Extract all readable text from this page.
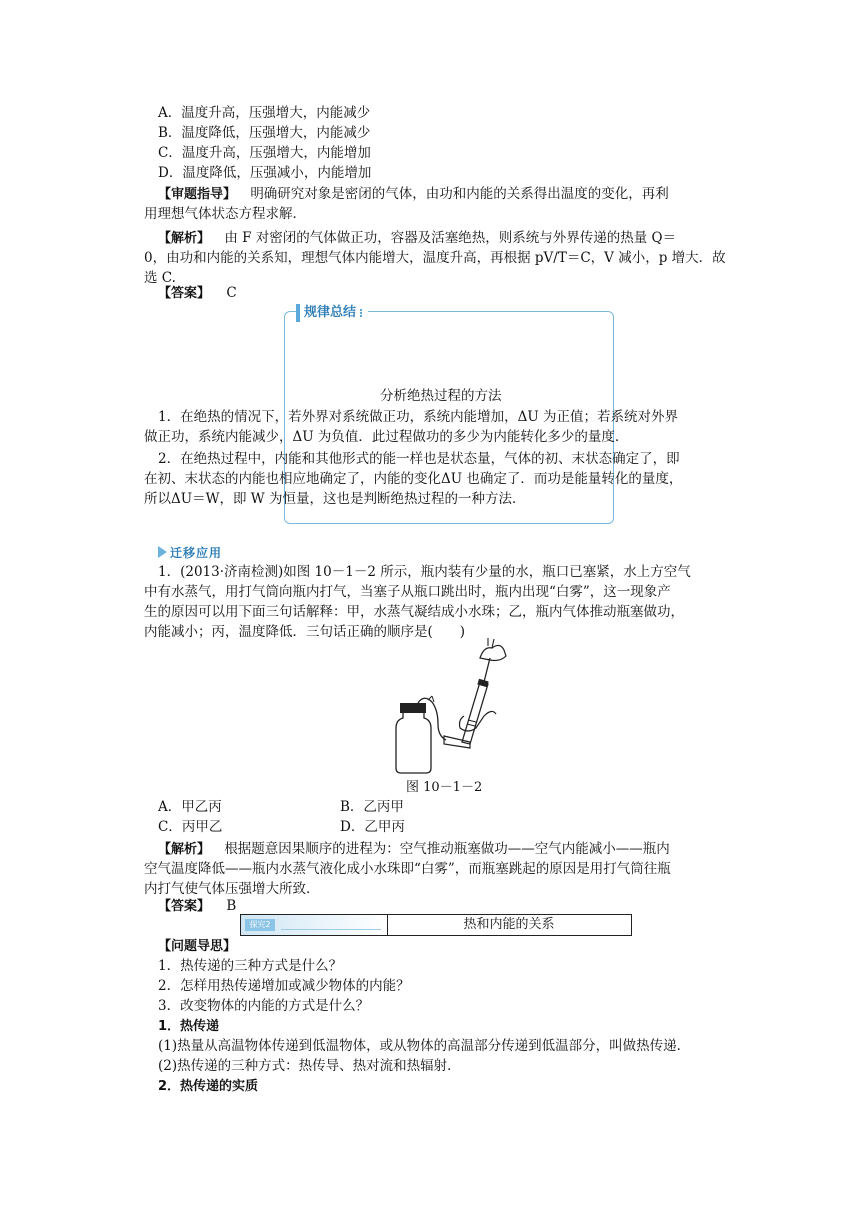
A．温度升高，压强增大，内能减少
B．温度降低，压强增大，内能减少
C．温度升高，压强增大，内能增加
D．温度降低，压强减小，内能增加
【审题指导】 明确研究对象是密闭的气体，由功和内能的关系得出温度的变化，再利
用理想气体状态方程求解．
【解析】 由 F 对密闭的气体做正功，容器及活塞绝热，则系统与外界传递的热量 Q＝
0，由功和内能的关系知，理想气体内能增大，温度升高，再根据 pV/T＝C，V 减小，p 增大．故
选 C.
【答案】 C
规律总结
分析绝热过程的方法
1．在绝热的情况下，若外界对系统做正功，系统内能增加，ΔU 为正值；若系统对外界
做正功，系统内能减少，ΔU 为负值．此过程做功的多少为内能转化多少的量度．
2．在绝热过程中，内能和其他形式的能一样也是状态量，气体的初、末状态确定了，即
在初、末状态的内能也相应地确定了，内能的变化ΔU 也确定了．而功是能量转化的量度，
所以ΔU＝W，即 W 为恒量，这也是判断绝热过程的一种方法．
迁移应用
1．(2013·济南检测)如图 10－1－2 所示，瓶内装有少量的水，瓶口已塞紧，水上方空气
中有水蒸气，用打气筒向瓶内打气，当塞子从瓶口跳出时，瓶内出现“白雾”，这一现象产
生的原因可以用下面三句话解释：甲，水蒸气凝结成小水珠；乙，瓶内气体推动瓶塞做功，
内能减小；丙，温度降低．三句话正确的顺序是(　　)
图 10－1－2
A．甲乙丙	B．乙丙甲
C．丙甲乙	D．乙甲丙
【解析】 根据题意因果顺序的进程为：空气推动瓶塞做功——空气内能减小——瓶内
空气温度降低——瓶内水蒸气液化成小水珠即“白雾”，而瓶塞跳起的原因是用打气筒往瓶
内打气使气体压强增大所致．
【答案】 B
探究2	热和内能的关系
【问题导思】
1．热传递的三种方式是什么？
2．怎样用热传递增加或减少物体的内能？
3．改变物体的内能的方式是什么？
1．热传递
(1)热量从高温物体传递到低温物体，或从物体的高温部分传递到低温部分，叫做热传递．
(2)热传递的三种方式：热传导、热对流和热辐射．
2．热传递的实质
